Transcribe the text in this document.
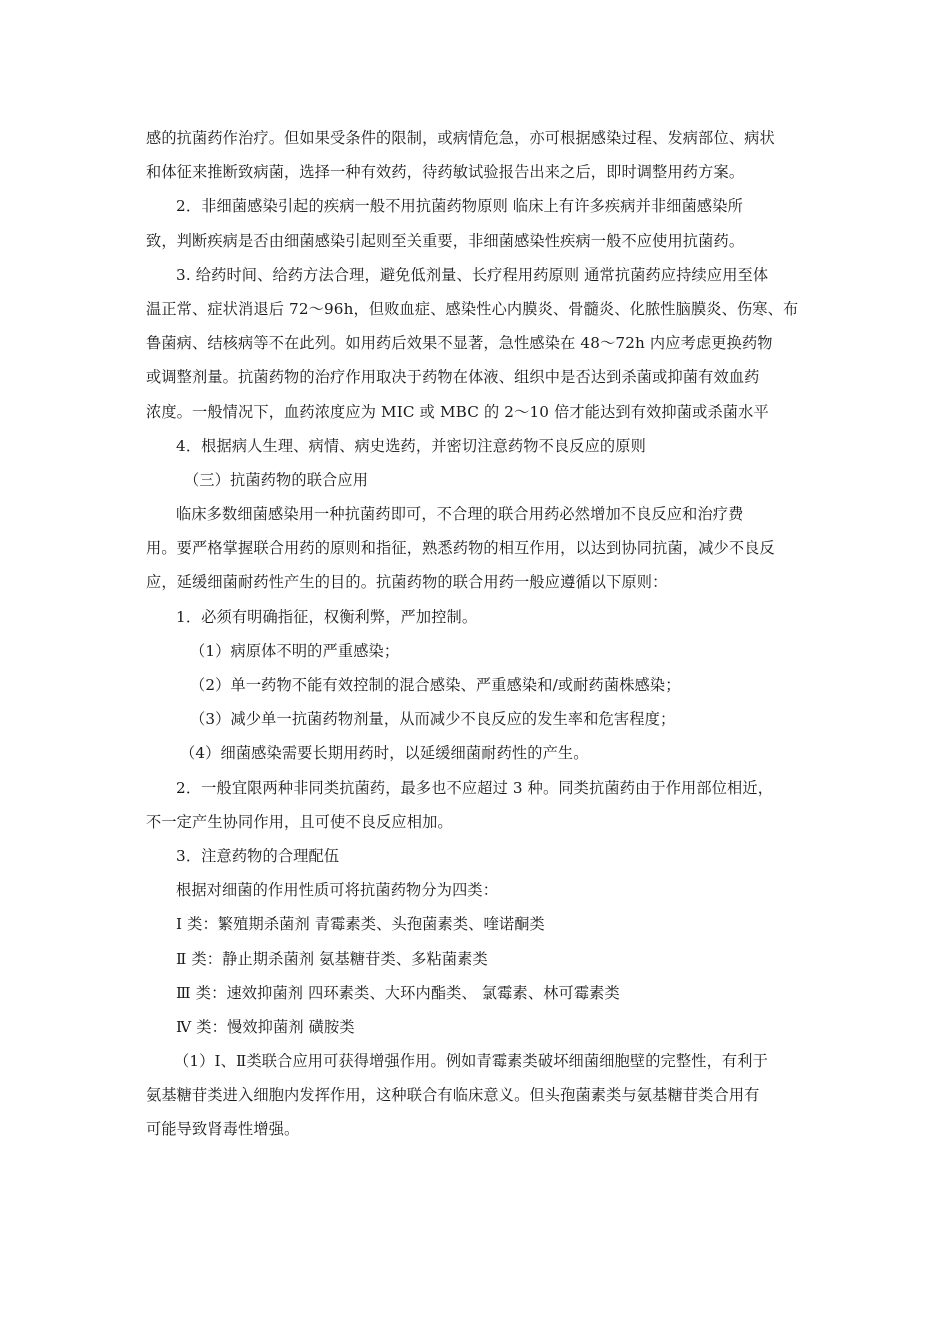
感的抗菌药作治疗。但如果受条件的限制，或病情危急，亦可根据感染过程、发病部位、病状
和体征来推断致病菌，选择一种有效药，待药敏试验报告出来之后，即时调整用药方案。
2．非细菌感染引起的疾病一般不用抗菌药物原则 临床上有许多疾病并非细菌感染所
致，判断疾病是否由细菌感染引起则至关重要，非细菌感染性疾病一般不应使用抗菌药。
3. 给药时间、给药方法合理，避免低剂量、长疗程用药原则 通常抗菌药应持续应用至体
温正常、症状消退后 72～96h，但败血症、感染性心内膜炎、骨髓炎、化脓性脑膜炎、伤寒、布
鲁菌病、结核病等不在此列。如用药后效果不显著，急性感染在 48～72h 内应考虑更换药物
或调整剂量。抗菌药物的治疗作用取决于药物在体液、组织中是否达到杀菌或抑菌有效血药
浓度。一般情况下，血药浓度应为 MIC 或 MBC 的 2～10 倍才能达到有效抑菌或杀菌水平
4．根据病人生理、病情、病史选药，并密切注意药物不良反应的原则
（三）抗菌药物的联合应用
临床多数细菌感染用一种抗菌药即可，不合理的联合用药必然增加不良反应和治疗费
用。要严格掌握联合用药的原则和指征，熟悉药物的相互作用，以达到协同抗菌，减少不良反
应，延缓细菌耐药性产生的目的。抗菌药物的联合用药一般应遵循以下原则：
1．必须有明确指征，权衡利弊，严加控制。
（1）病原体不明的严重感染；
（2）单一药物不能有效控制的混合感染、严重感染和/或耐药菌株感染；
（3）减少单一抗菌药物剂量，从而减少不良反应的发生率和危害程度；
（4）细菌感染需要长期用药时，以延缓细菌耐药性的产生。
2．一般宜限两种非同类抗菌药，最多也不应超过 3 种。同类抗菌药由于作用部位相近，
不一定产生协同作用，且可使不良反应相加。
3．注意药物的合理配伍
根据对细菌的作用性质可将抗菌药物分为四类：
I 类：繁殖期杀菌剂 青霉素类、头孢菌素类、喹诺酮类
Ⅱ 类：静止期杀菌剂 氨基糖苷类、多粘菌素类
Ⅲ 类：速效抑菌剂 四环素类、大环内酯类、 氯霉素、林可霉素类
Ⅳ 类：慢效抑菌剂 磺胺类
（1）Ⅰ、Ⅱ类联合应用可获得增强作用。例如青霉素类破坏细菌细胞壁的完整性，有利于
氨基糖苷类进入细胞内发挥作用，这种联合有临床意义。但头孢菌素类与氨基糖苷类合用有
可能导致肾毒性增强。
